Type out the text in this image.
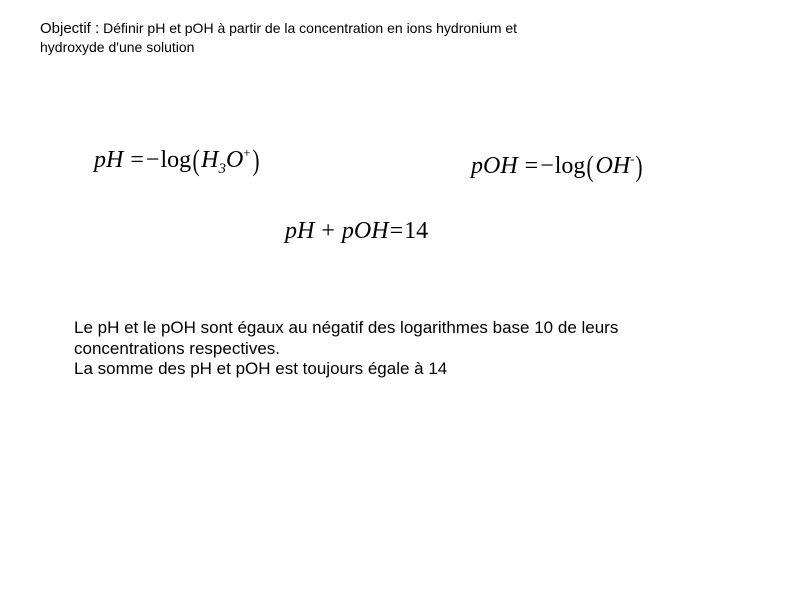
Objectif : Définir pH et pOH à partir de la concentration en ions hydronium et
hydroxyde d'une solution
pH $=-\log(H_3O^+)$	pOH =−log(OH-)
pH + pOH=14

Le pH et le pOH sont égaux au négatif des logarithmes base 10 de leurs

concentrations respectives.

La somme des pH et pOH est toujours égale à 14
